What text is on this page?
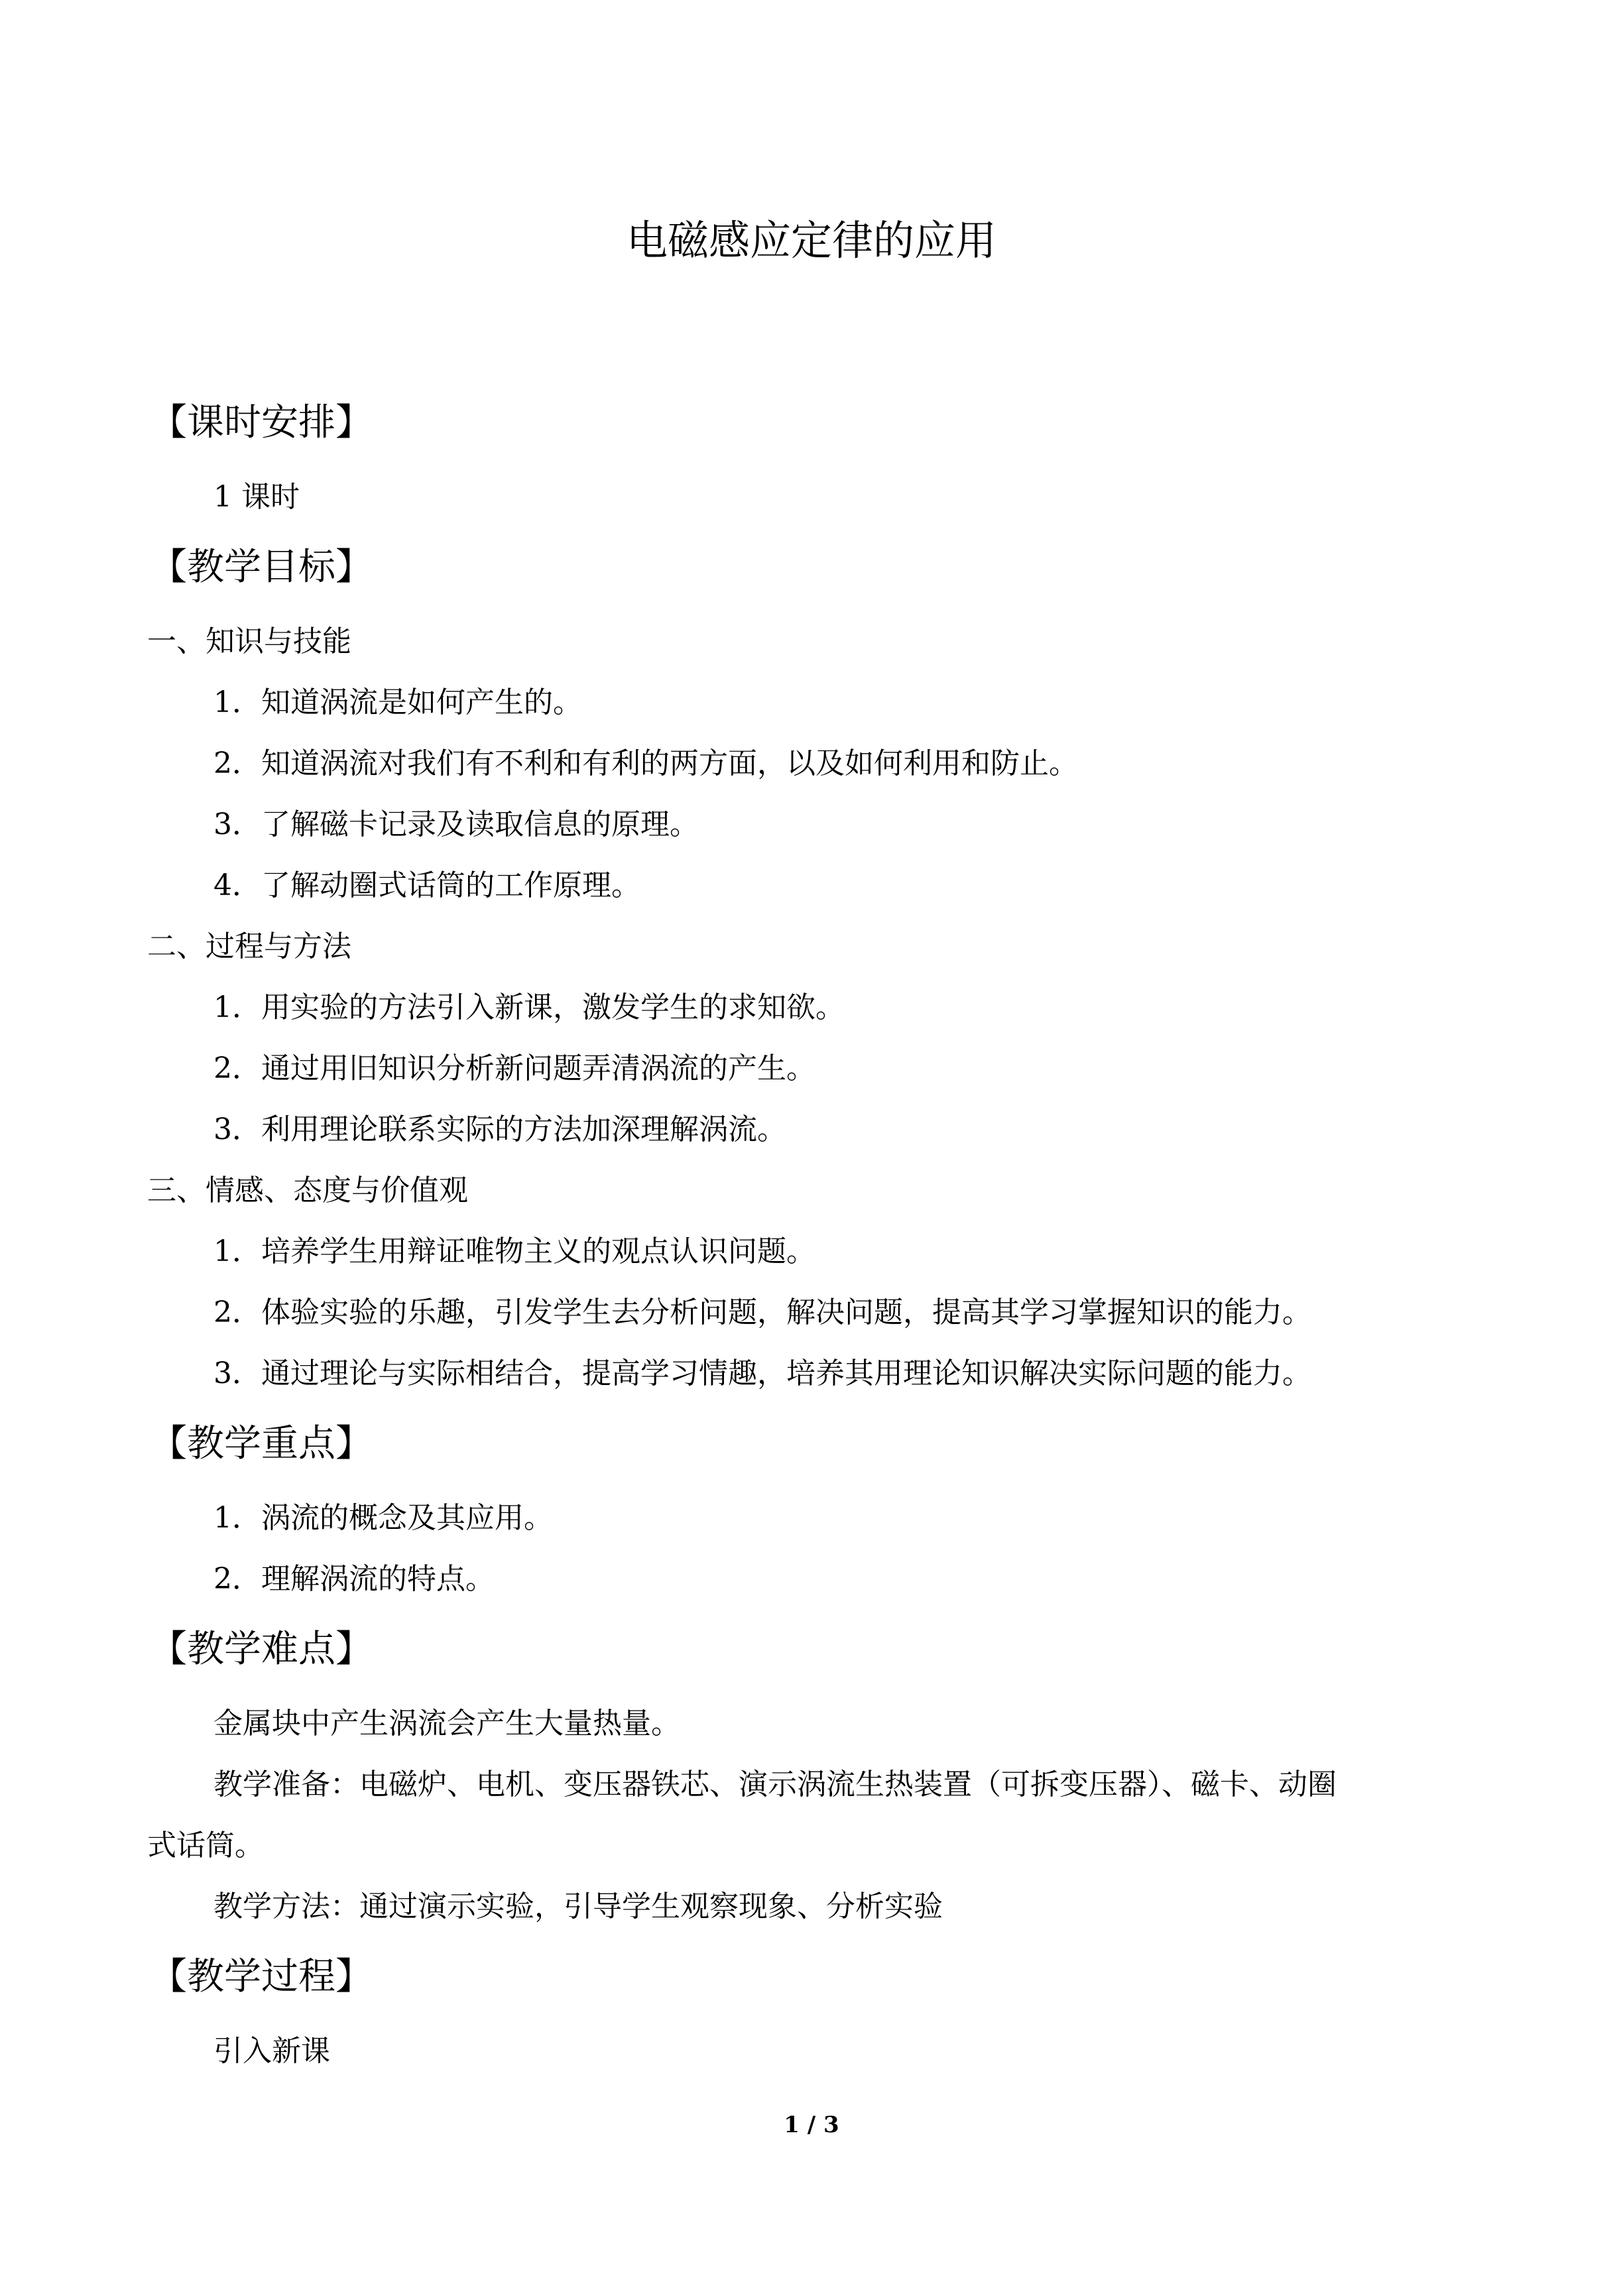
电磁感应定律的应用
【课时安排】
1 课时
【教学目标】
一、知识与技能
1．知道涡流是如何产生的。
2．知道涡流对我们有不利和有利的两方面，以及如何利用和防止。
3．了解磁卡记录及读取信息的原理。
4．了解动圈式话筒的工作原理。
二、过程与方法
1．用实验的方法引入新课，激发学生的求知欲。
2．通过用旧知识分析新问题弄清涡流的产生。
3．利用理论联系实际的方法加深理解涡流。
三、情感、态度与价值观
1．培养学生用辩证唯物主义的观点认识问题。
2．体验实验的乐趣，引发学生去分析问题，解决问题，提高其学习掌握知识的能力。
3．通过理论与实际相结合，提高学习情趣，培养其用理论知识解决实际问题的能力。
【教学重点】
1．涡流的概念及其应用。
2．理解涡流的特点。
【教学难点】
金属块中产生涡流会产生大量热量。
教学准备：电磁炉、电机、变压器铁芯、演示涡流生热装置（可拆变压器）、磁卡、动圈
式话筒。
教学方法：通过演示实验，引导学生观察现象、分析实验
【教学过程】
引入新课
1 / 3
